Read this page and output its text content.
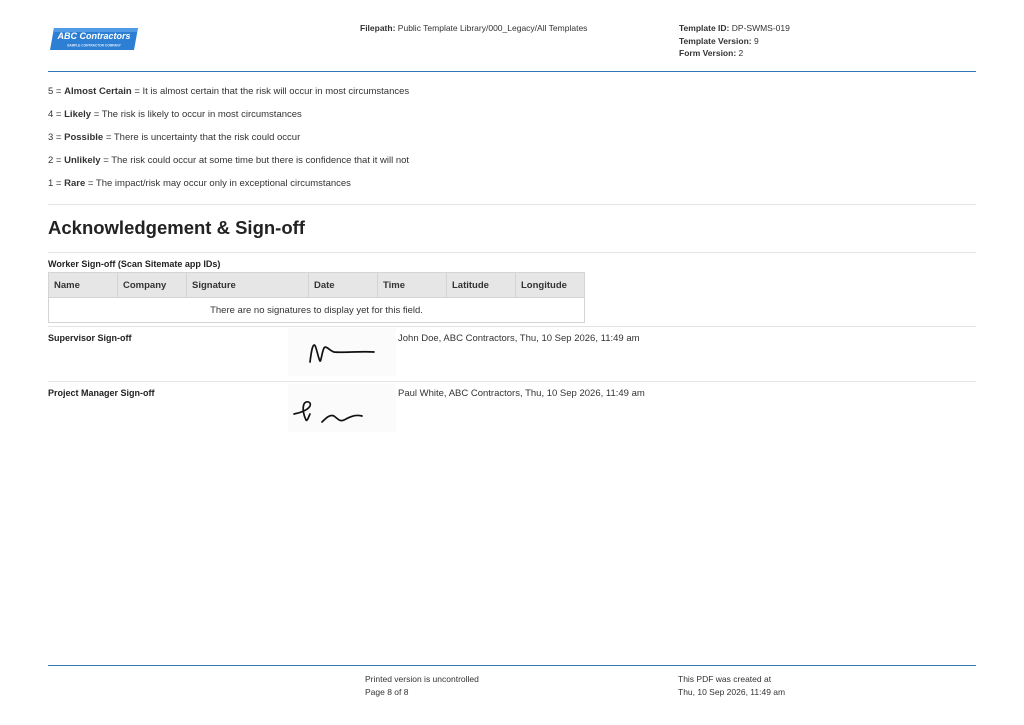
ABC Contractors
SAMPLE CONTRACTOR COMPANY
Filepath: Public Template Library/000_Legacy/All Templates	Template ID: DP-SWMS-019
Template Version: 9
Form Version: 2
5 = Almost Certain = It is almost certain that the risk will occur in most circumstances
4 = Likely = The risk is likely to occur in most circumstances
3 = Possible = There is uncertainty that the risk could occur
2 = Unlikely = The risk could occur at some time but there is confidence that it will not
1 = Rare = The impact/risk may occur only in exceptional circumstances
Acknowledgement & Sign-off
Worker Sign-off (Scan Sitemate app IDs)
Name	Company	Signature	Date	Time	Latitude	Longitude
There are no signatures to display yet for this field.
Supervisor Sign-off	John Doe, ABC Contractors, Thu, 10 Sep 2026, 11:49 am
Project Manager Sign-off	Paul White, ABC Contractors, Thu, 10 Sep 2026, 11:49 am
Printed version is uncontrolled
Page 8 of 8
This PDF was created at
Thu, 10 Sep 2026, 11:49 am
